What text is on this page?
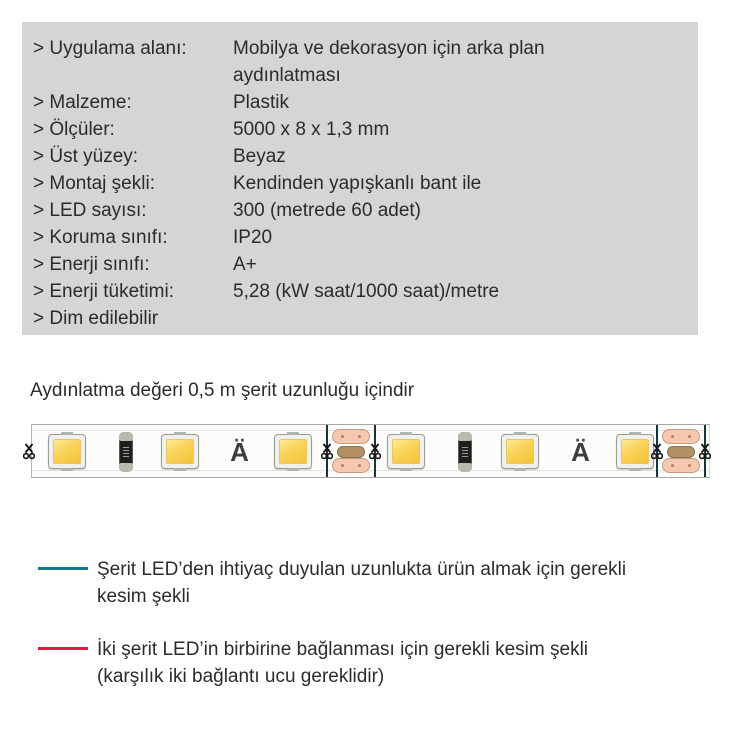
> Uygulama alanı:	Mobilya ve dekorasyon için arka plan aydınlatması
> Malzeme:	Plastik
> Ölçüler:	5000 x 8 x 1,3 mm
> Üst yüzey:	Beyaz
> Montaj şekli:	Kendinden yapışkanlı bant ile
> LED sayısı:	300 (metrede 60 adet)
> Koruma sınıfı:	IP20
> Enerji sınıfı:	A+
> Enerji tüketimi:	5,28 (kW saat/1000 saat)/metre
> Dim edilebilir

Aydınlatma değeri 0,5 m şerit uzunluğu içindir

Ä	Ä
Şerit LED’den ihtiyaç duyulan uzunlukta ürün almak için gerekli kesim şekli
İki şerit LED’in birbirine bağlanması için gerekli kesim şekli (karşılık iki bağlantı ucu gereklidir)
